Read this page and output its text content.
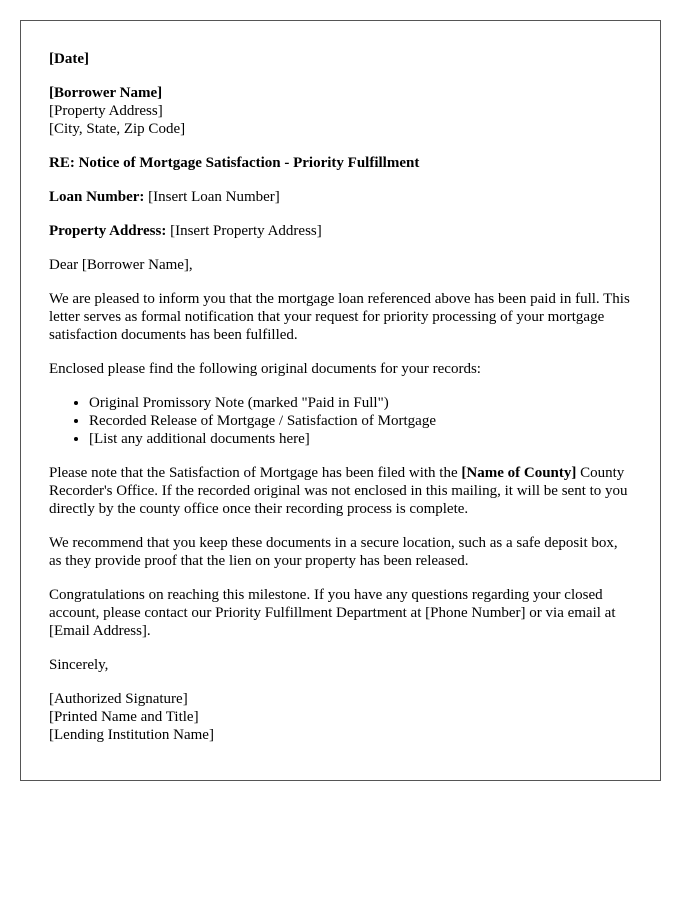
[Date]

[Borrower Name]
[Property Address]
[City, State, Zip Code]

RE: Notice of Mortgage Satisfaction - Priority Fulfillment

Loan Number: [Insert Loan Number]

Property Address: [Insert Property Address]

Dear [Borrower Name],

We are pleased to inform you that the mortgage loan referenced above has been paid in full. This letter serves as formal notification that your request for priority processing of your mortgage satisfaction documents has been fulfilled.

Enclosed please find the following original documents for your records:

• Original Promissory Note (marked "Paid in Full")
• Recorded Release of Mortgage / Satisfaction of Mortgage
• [List any additional documents here]

Please note that the Satisfaction of Mortgage has been filed with the [Name of County] County Recorder's Office. If the recorded original was not enclosed in this mailing, it will be sent to you directly by the county office once their recording process is complete.

We recommend that you keep these documents in a secure location, such as a safe deposit box, as they provide proof that the lien on your property has been released.

Congratulations on reaching this milestone. If you have any questions regarding your closed account, please contact our Priority Fulfillment Department at [Phone Number] or via email at [Email Address].

Sincerely,

[Authorized Signature]
[Printed Name and Title]
[Lending Institution Name]
